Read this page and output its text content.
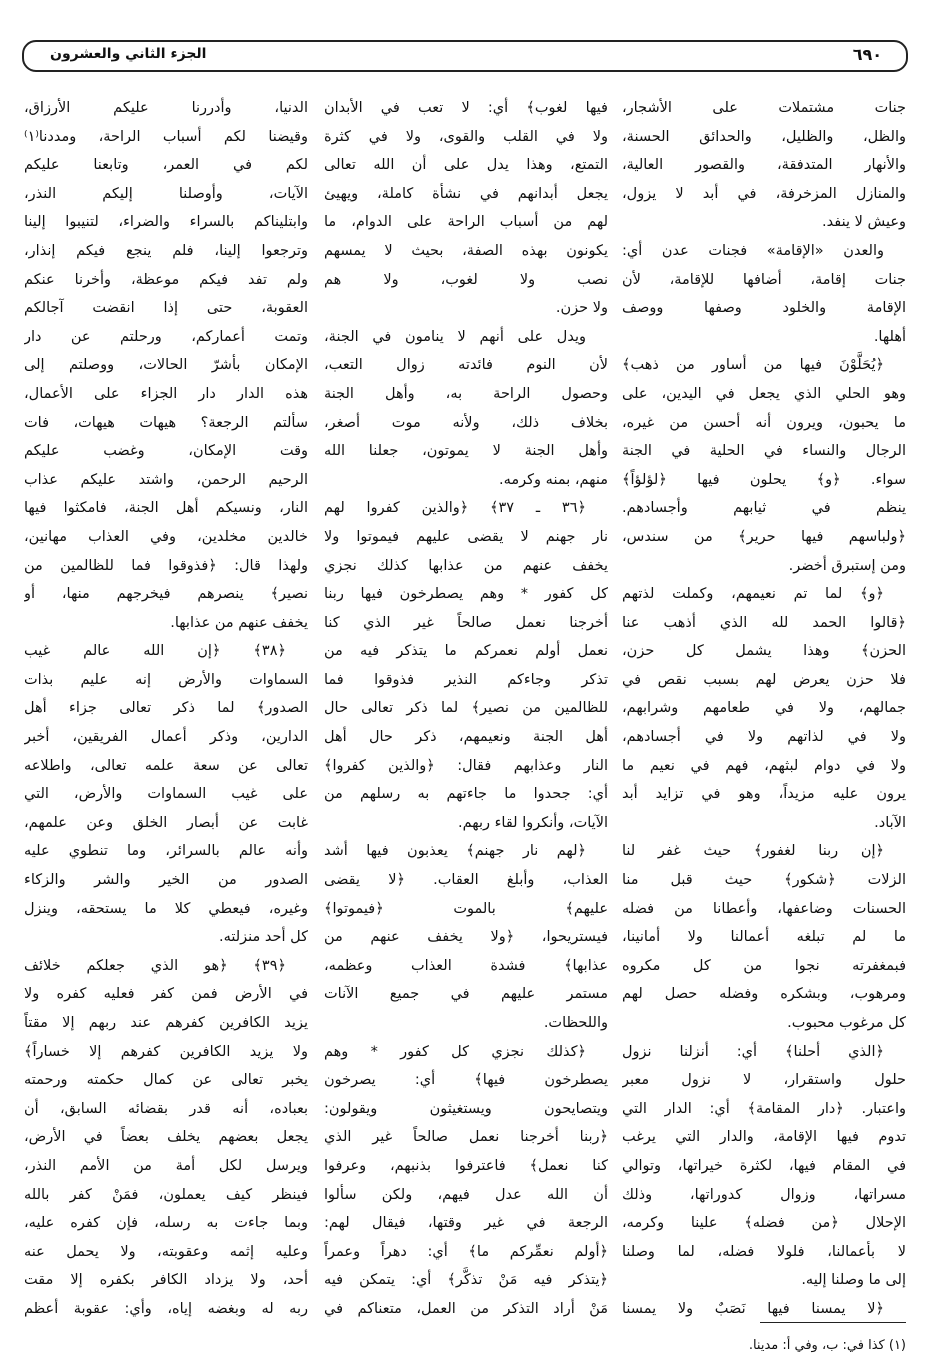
الجزء الثاني والعشرون	٦٩٠
جنات مشتملات على الأشجار،
والظل، والظليل، والحدائق الحسنة،
والأنهار المتدفقة، والقصور العالية،
والمنازل المزخرفة، في أبد لا يزول،
وعيش لا ينفد.
والعدن «الإقامة» فجنات عدن أي:
جنات إقامة، أضافها للإقامة، لأن
الإقامة والخلود وصفها ووصف
أهلها.
﴿يُحَلَّوْنَ فيها من أساور من ذهب﴾
وهو الحلي الذي يجعل في اليدين، على
ما يحبون، ويرون أنه أحسن من غيره،
الرجال والنساء في الحلية في الجنة
سواء. ﴿و﴾ يحلون فيها ﴿لؤلؤاً﴾
ينظم في ثيابهم وأجسادهم.
﴿ولباسهم فيها حرير﴾ من سندس،
ومن إستبرق أخضر.
﴿و﴾ لما تم نعيمهم، وكملت لذتهم
﴿قالوا الحمد لله الذي أذهب عنا
الحزن﴾ وهذا يشمل كل حزن،
فلا حزن يعرض لهم بسبب نقص في
جمالهم، ولا في طعامهم وشرابهم،
ولا في لذاتهم ولا في أجسادهم،
ولا في دوام لبثهم، فهم في نعيم ما
يرون عليه مزيداً، وهو في تزايد أبد
الآباد.
﴿إن ربنا لغفور﴾ حيث غفر لنا
الزلات ﴿شكور﴾ حيث قبل منا
الحسنات وضاعفها، وأعطانا من فضله
ما لم تبلغه أعمالنا ولا أمانينا،
فبمغفرته نجوا من كل مكروه
ومرهوب، وبشكره وفضله حصل لهم
كل مرغوب محبوب.
﴿الذي أحلنا﴾ أي: أنزلنا نزول
حلول واستقرار، لا نزول معبر
واعتبار. ﴿دار المقامة﴾ أي: الدار التي
تدوم فيها الإقامة، والدار التي يرغب
في المقام فيها، لكثرة خيراتها، وتوالي
مسراتها، وزوال كدوراتها، وذلك
الإحلال ﴿من فضله﴾ علينا وكرمه،
لا بأعمالنا، فلولا فضله، لما وصلنا
إلى ما وصلنا إليه.
﴿لا يمسنا فيها نَصَبٌ ولا يمسنا
فيها لغوب﴾ أي: لا تعب في الأبدان
ولا في القلب والقوى، ولا في كثرة
التمتع، وهذا يدل على أن الله تعالى
يجعل أبدانهم في نشأة كاملة، ويهيئ
لهم من أسباب الراحة على الدوام، ما
يكونون بهذه الصفة، بحيث لا يمسهم
نصب ولا لغوب، ولا هم
ولا حزن.
ويدل على أنهم لا ينامون في الجنة،
لأن النوم فائدته زوال التعب،
وحصول الراحة به، وأهل الجنة
بخلاف ذلك، ولأنه موت أصغر،
وأهل الجنة لا يموتون، جعلنا الله
منهم، بمنه وكرمه.
﴿٣٦ ـ ٣٧﴾ ﴿والذين كفروا لهم
نار جهنم لا يقضى عليهم فيموتوا ولا
يخفف عنهم من عذابها كذلك نجزي
كل كفور * وهم يصطرخون فيها ربنا
أخرجنا نعمل صالحاً غير الذي كنا
نعمل أولم نعمركم ما يتذكر فيه من
تذكر وجاءكم النذير فذوقوا فما
للظالمين من نصير﴾ لما ذكر تعالى حال
أهل الجنة ونعيمهم، ذكر حال أهل
النار وعذابهم فقال: ﴿والذين كفروا﴾
أي: جحدوا ما جاءتهم به رسلهم من
الآيات، وأنكروا لقاء ربهم.
﴿لهم نار جهنم﴾ يعذبون فيها أشد
العذاب، وأبلغ العقاب. ﴿لا يقضى
عليهم﴾ بالموت ﴿فيموتوا﴾
فيستريحوا، ﴿ولا يخفف عنهم من
عذابها﴾ فشدة العذاب وعظمه،
مستمر عليهم في جميع الآنات
واللحظات.
﴿كذلك نجزي كل كفور * وهم
يصطرخون فيها﴾ أي: يصرخون
ويتصايحون ويستغيثون ويقولون:
﴿ربنا أخرجنا نعمل صالحاً غير الذي
كنا نعمل﴾ فاعترفوا بذنبهم، وعرفوا
أن الله عدل فيهم، ولكن سألوا
الرجعة في غير وقتها، فيقال لهم:
﴿أولم نعمِّركم ما﴾ أي: دهراً وعمراً
﴿يتذكر فيه مَنْ تذكَّر﴾ أي: يتمكن فيه
مَنْ أراد التذكر من العمل، متعناكم في
الدنيا، وأدررنا عليكم الأرزاق،
وقيضنا لكم أسباب الراحة، ومددنا⁽١⁾
لكم في العمر، وتابعنا عليكم
الآيات، وأوصلنا إليكم النذر،
وابتليناكم بالسراء والضراء، لتنيبوا إلينا
وترجعوا إلينا، فلم ينجع فيكم إنذار،
ولم تفد فيكم موعظة، وأخرنا عنكم
العقوبة، حتى إذا انقضت آجالكم
وتمت أعماركم، ورحلتم عن دار
الإمكان بأشرّ الحالات، ووصلتم إلى
هذه الدار دار الجزاء على الأعمال،
سألتم الرجعة؟ هيهات هيهات، فات
وقت الإمكان، وغضب عليكم
الرحيم الرحمن، واشتد عليكم عذاب
النار، ونسيكم أهل الجنة، فامكثوا فيها
خالدين مخلدين، وفي العذاب مهانين،
ولهذا قال: ﴿فذوقوا فما للظالمين من
نصير﴾ ينصرهم فيخرجهم منها، أو
يخفف عنهم من عذابها.
﴿٣٨﴾ ﴿إن الله عالم غيب
السماوات والأرض إنه عليم بذات
الصدور﴾ لما ذكر تعالى جزاء أهل
الدارين، وذكر أعمال الفريقين، أخبر
تعالى عن سعة علمه تعالى، واطلاعه
على غيب السماوات والأرض، التي
غابت عن أبصار الخلق وعن علمهم،
وأنه عالم بالسرائر، وما تنطوي عليه
الصدور من الخير والشر والزكاء
وغيره، فيعطي كلا ما يستحقه، وينزل
كل أحد منزلته.
﴿٣٩﴾ ﴿هو الذي جعلكم خلائف
في الأرض فمن كفر فعليه كفره ولا
يزيد الكافرين كفرهم عند ربهم إلا مقتاً
ولا يزيد الكافرين كفرهم إلا خساراً﴾
يخبر تعالى عن كمال حكمته ورحمته
بعباده، أنه قدر بقضائه السابق، أن
يجعل بعضهم يخلف بعضاً في الأرض،
ويرسل لكل أمة من الأمم النذر،
فينظر كيف يعملون، فمَنْ كفر بالله
وبما جاءت به رسله، فإن كفره عليه،
وعليه إثمه وعقوبته، ولا يحمل عنه
أحد، ولا يزداد الكافر بكفره إلا مقت
ربه له وبغضه إياه، وأي: عقوبة أعظم
(١) كذا في: ب، وفي أ: مدينا.
